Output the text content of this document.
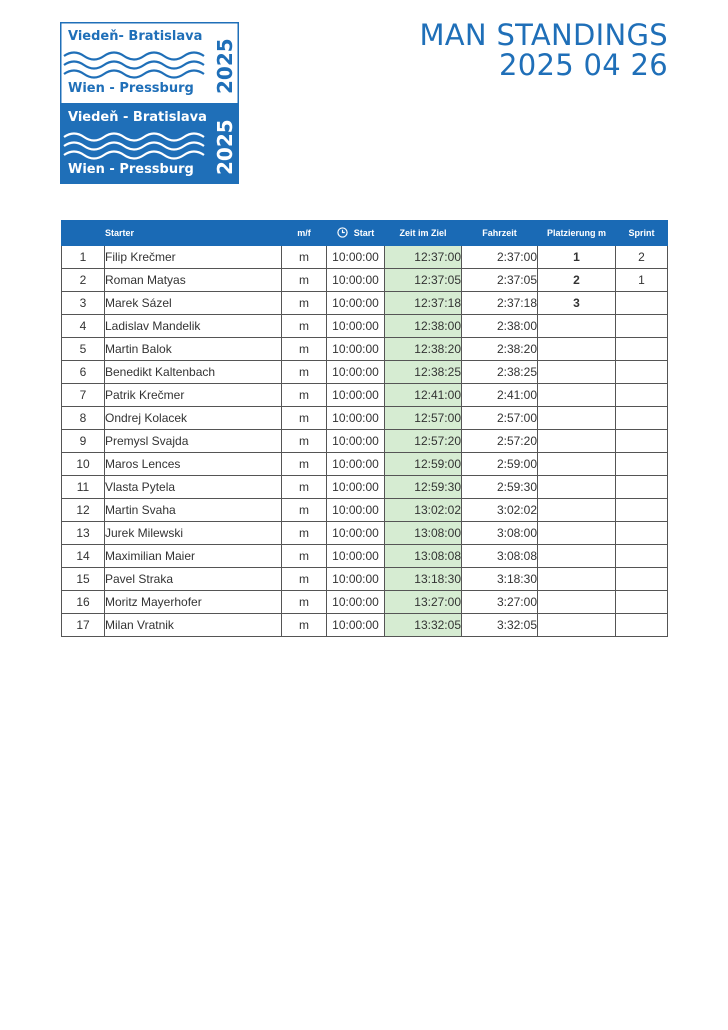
Viedeň- Bratislava
Wien - Pressburg 2025
Viedeň - Bratislava
Wien - Pressburg 2025
MAN STANDINGS
2025 04 26
	Starter	m/f	Start	Zeit im Ziel	Fahrzeit	Platzierung m	Sprint
1	Filip Krečmer	m	10:00:00	12:37:00	2:37:00	1	2
2	Roman Matyas	m	10:00:00	12:37:05	2:37:05	2	1
3	Marek Sázel	m	10:00:00	12:37:18	2:37:18	3	
4	Ladislav Mandelik	m	10:00:00	12:38:00	2:38:00		
5	Martin Balok	m	10:00:00	12:38:20	2:38:20		
6	Benedikt Kaltenbach	m	10:00:00	12:38:25	2:38:25		
7	Patrik Krečmer	m	10:00:00	12:41:00	2:41:00		
8	Ondrej Kolacek	m	10:00:00	12:57:00	2:57:00		
9	Premysl Svajda	m	10:00:00	12:57:20	2:57:20		
10	Maros Lences	m	10:00:00	12:59:00	2:59:00		
11	Vlasta Pytela	m	10:00:00	12:59:30	2:59:30		
12	Martin Svaha	m	10:00:00	13:02:02	3:02:02		
13	Jurek Milewski	m	10:00:00	13:08:00	3:08:00		
14	Maximilian Maier	m	10:00:00	13:08:08	3:08:08		
15	Pavel Straka	m	10:00:00	13:18:30	3:18:30		
16	Moritz Mayerhofer	m	10:00:00	13:27:00	3:27:00		
17	Milan Vratnik	m	10:00:00	13:32:05	3:32:05		
